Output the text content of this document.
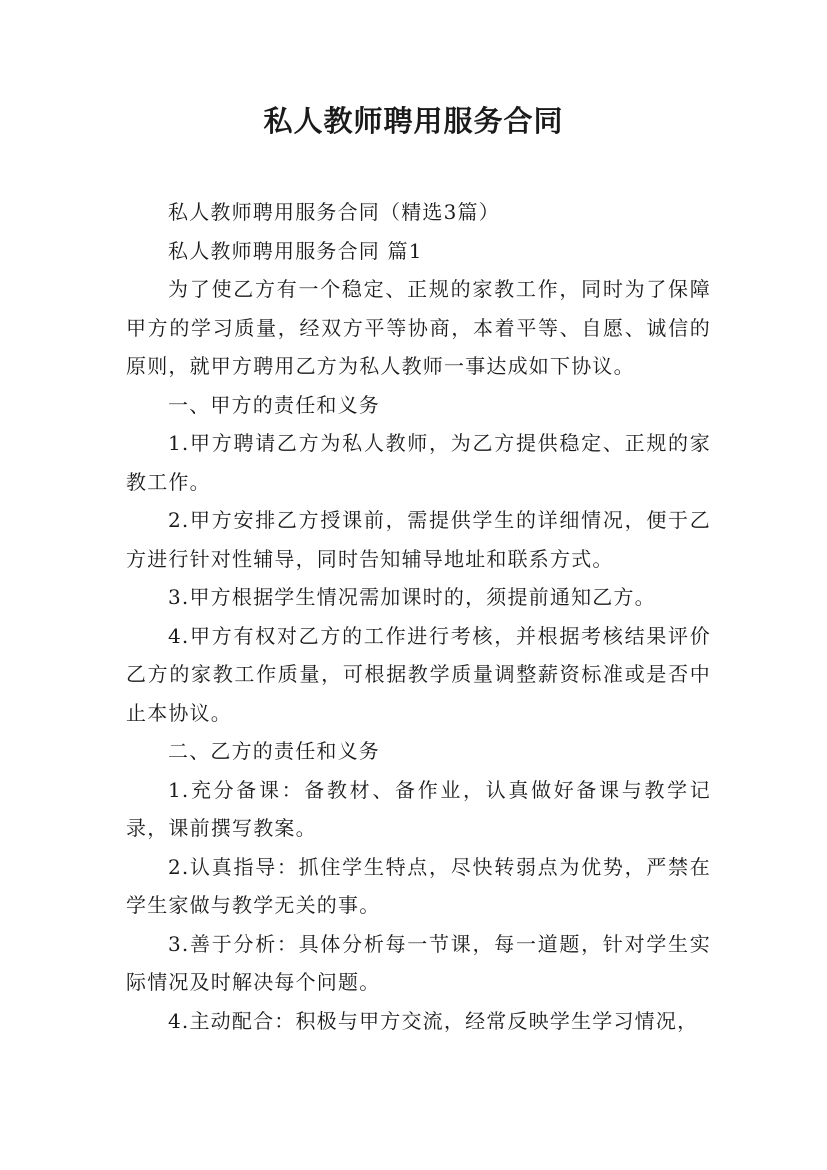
私人教师聘用服务合同

私人教师聘用服务合同（精选3篇）

私人教师聘用服务合同 篇1

为了使乙方有一个稳定、正规的家教工作，同时为了保障甲方的学习质量，经双方平等协商，本着平等、自愿、诚信的原则，就甲方聘用乙方为私人教师一事达成如下协议。

一、甲方的责任和义务

1.甲方聘请乙方为私人教师，为乙方提供稳定、正规的家教工作。

2.甲方安排乙方授课前，需提供学生的详细情况，便于乙方进行针对性辅导，同时告知辅导地址和联系方式。

3.甲方根据学生情况需加课时的，须提前通知乙方。

4.甲方有权对乙方的工作进行考核，并根据考核结果评价乙方的家教工作质量，可根据教学质量调整薪资标准或是否中止本协议。

二、乙方的责任和义务

1.充分备课：备教材、备作业，认真做好备课与教学记录，课前撰写教案。

2.认真指导：抓住学生特点，尽快转弱点为优势，严禁在学生家做与教学无关的事。

3.善于分析：具体分析每一节课，每一道题，针对学生实际情况及时解决每个问题。

4.主动配合：积极与甲方交流，经常反映学生学习情况，
